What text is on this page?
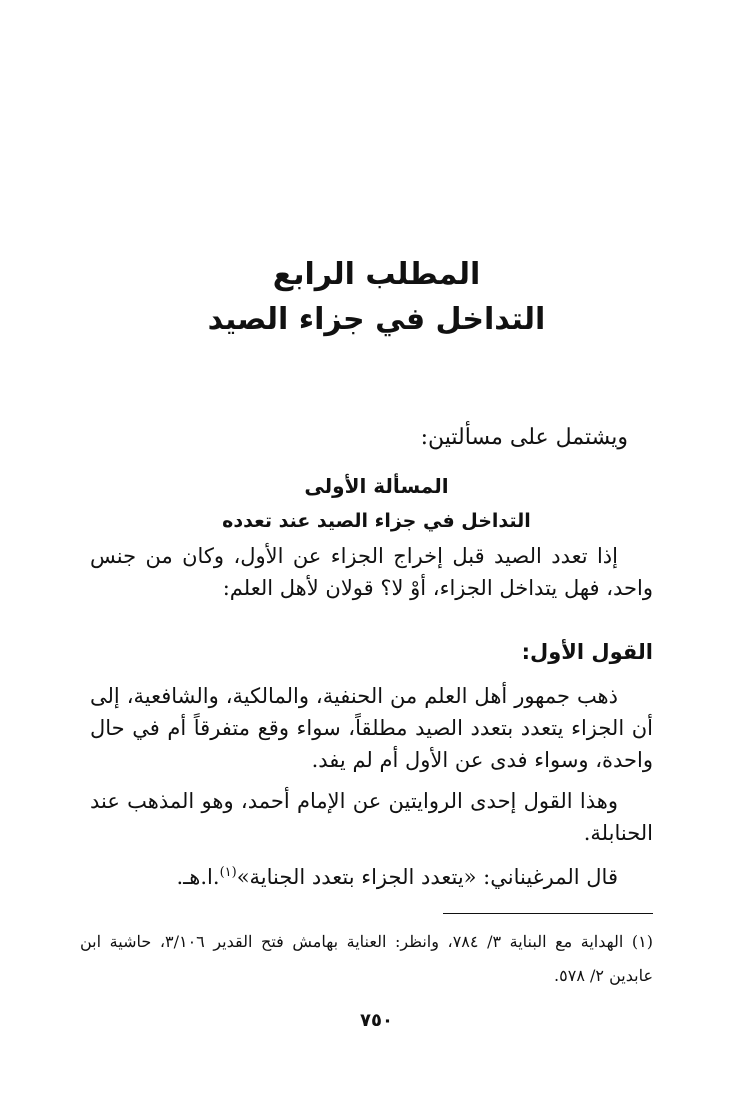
المطلب الرابع
التداخل في جزاء الصيد
ويشتمل على مسألتين:
المسألة الأولى
التداخل في جزاء الصيد عند تعدده
إذا تعدد الصيد قبل إخراج الجزاء عن الأول، وكان من جنس واحد، فهل يتداخل الجزاء، أوْ لا؟ قولان لأهل العلم:
القول الأول:
ذهب جمهور أهل العلم من الحنفية، والمالكية، والشافعية، إلى أن الجزاء يتعدد بتعدد الصيد مطلقاً، سواء وقع متفرقاً أم في حال واحدة، وسواء فدى عن الأول أم لم يفد.
وهذا القول إحدى الروايتين عن الإمام أحمد، وهو المذهب عند الحنابلة.
قال المرغيناني: «يتعدد الجزاء بتعدد الجناية»$^{(١)}$.ا.هـ.
(١) الهداية مع البناية ٣/ ٧٨٤، وانظر: العناية بهامش فتح القدير ٣/١٠٦، حاشية ابن عابدين ٢/ ٥٧٨.
٧٥٠
